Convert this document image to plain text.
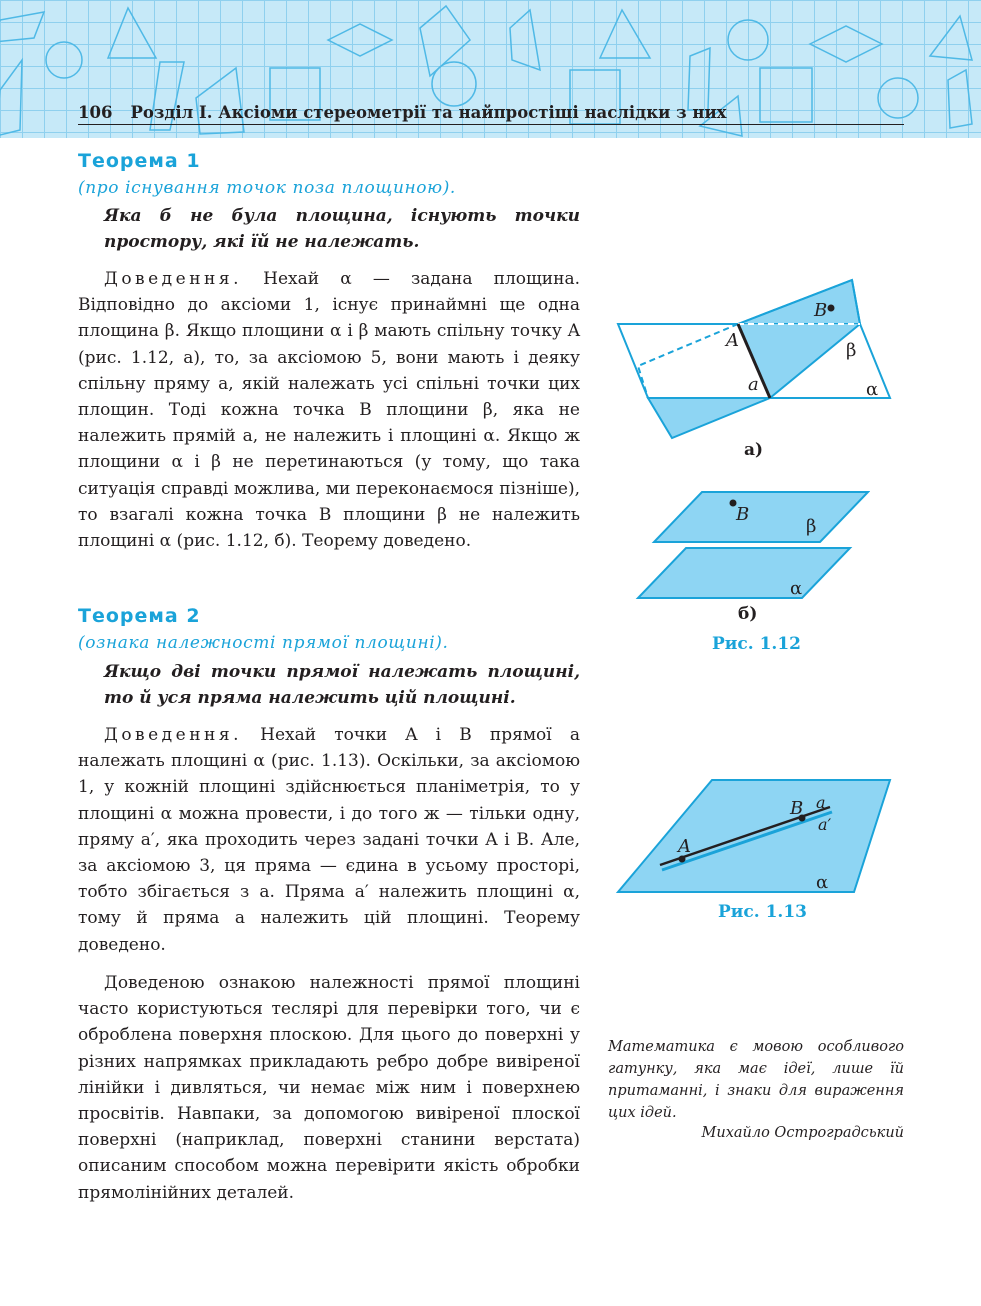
106 Розділ I. Аксіоми стереометрії та найпростіші наслідки з них
Теорема 1
(про існування точок поза площиною).
Яка б не була площина, існують точки простору, які їй не належать.

Доведення. Нехай α — задана площина. Відповідно до аксіоми 1, існує принаймні ще одна площина β. Якщо площини α і β мають спільну точку A (рис. 1.12, а), то, за аксіомою 5, вони мають і деяку спільну пряму a, якій належать усі спільні точки цих площин. Тоді кожна точка B площини β, яка не належить прямій a, не належить і площині α. Якщо ж площини α і β не перетинаються (у тому, що така ситуація справді можлива, ми переконаємося пізніше), то взагалі кожна точка B площини β не належить площині α (рис. 1.12, б). Теорему доведено.

Теорема 2
(ознака належності прямої площині).
Якщо дві точки прямої належать площині, то й уся пряма належить цій площині.

Доведення. Нехай точки A і B прямої a належать площині α (рис. 1.13). Оскільки, за аксіомою 1, у кожній площині здійснюється планіметрія, то у площині α можна провести, і до того ж — тільки одну, пряму a′, яка проходить через задані точки A і B. Але, за аксіомою 3, ця пряма — єдина в усьому просторі, тобто збігається з a. Пряма a′ належить площині α, тому й пряма a належить цій площині. Теорему доведено.

Доведеною ознакою належності прямої площині часто користуються теслярі для перевірки того, чи є оброблена поверхня плоскою. Для цього до поверхні у різних напрямках прикладають ребро добре вивіреної лінійки і дивляться, чи немає між ним і поверхнею просвітів. Навпаки, за допомогою вивіреної плоскої поверхні (наприклад, поверхні станини верстата) описаним способом можна перевірити якість обробки прямолінійних деталей.

B
A
a
β
α
а)
B
β
α
б)
Рис. 1.12
A
B a
a′
α
Рис. 1.13
Математика є мовою особливого гатунку, яка має ідеї, лише їй притаманні, і знаки для вираження цих ідей.
Михайло Остроградський
